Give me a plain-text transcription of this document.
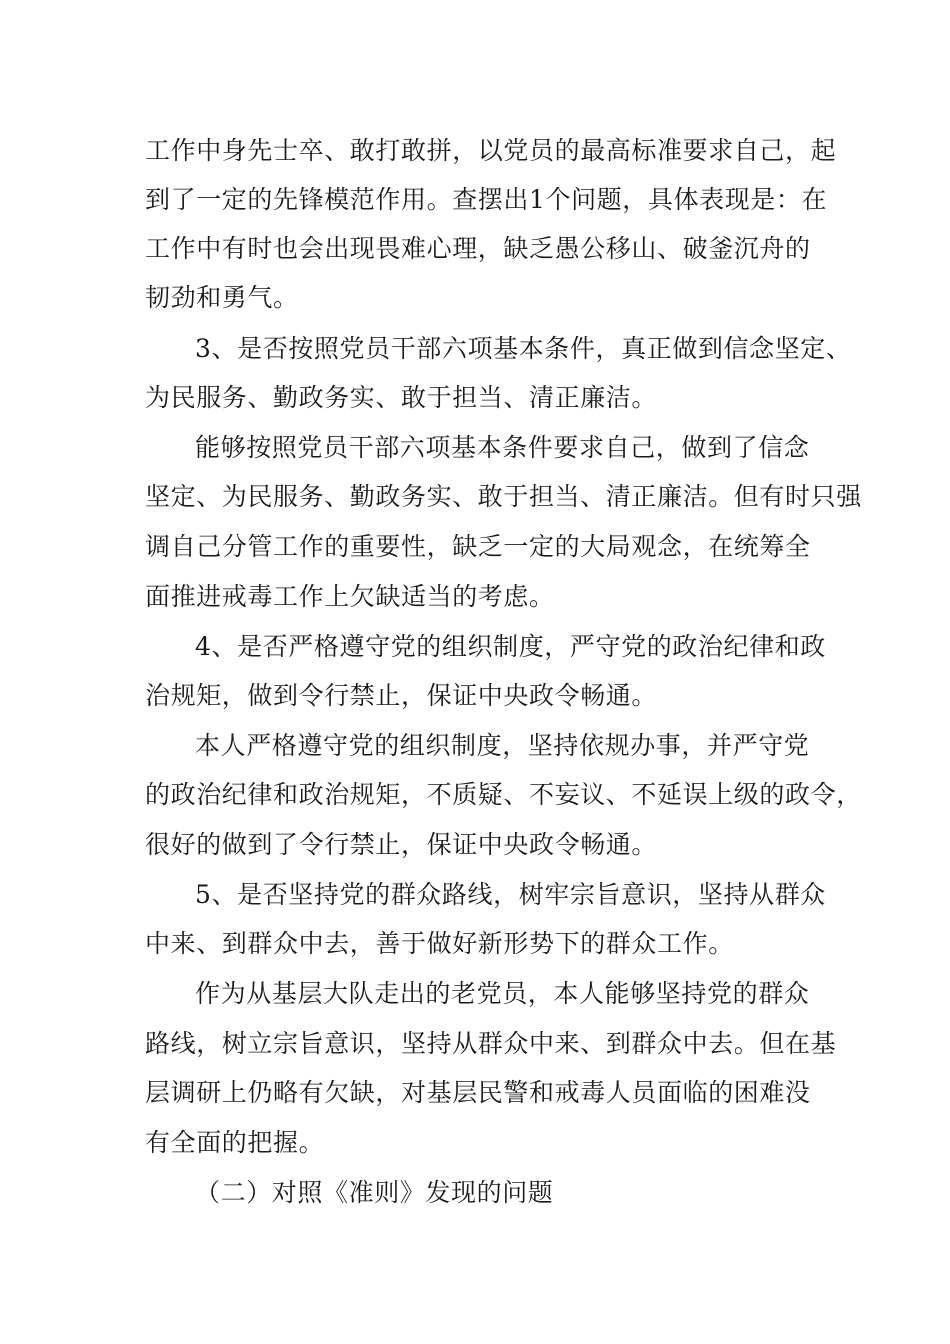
工作中身先士卒、敢打敢拼，以党员的最高标准要求自己，起
到了一定的先锋模范作用。查摆出1个问题，具体表现是：在
工作中有时也会出现畏难心理，缺乏愚公移山、破釜沉舟的
韧劲和勇气。
3、是否按照党员干部六项基本条件，真正做到信念坚定、
为民服务、勤政务实、敢于担当、清正廉洁。
能够按照党员干部六项基本条件要求自己，做到了信念
坚定、为民服务、勤政务实、敢于担当、清正廉洁。但有时只强
调自己分管工作的重要性，缺乏一定的大局观念，在统筹全
面推进戒毒工作上欠缺适当的考虑。
4、是否严格遵守党的组织制度，严守党的政治纪律和政
治规矩，做到令行禁止，保证中央政令畅通。
本人严格遵守党的组织制度，坚持依规办事，并严守党
的政治纪律和政治规矩，不质疑、不妄议、不延误上级的政令，
很好的做到了令行禁止，保证中央政令畅通。
5、是否坚持党的群众路线，树牢宗旨意识，坚持从群众
中来、到群众中去，善于做好新形势下的群众工作。
作为从基层大队走出的老党员，本人能够坚持党的群众
路线，树立宗旨意识，坚持从群众中来、到群众中去。但在基
层调研上仍略有欠缺，对基层民警和戒毒人员面临的困难没
有全面的把握。
（二）对照《准则》发现的问题
